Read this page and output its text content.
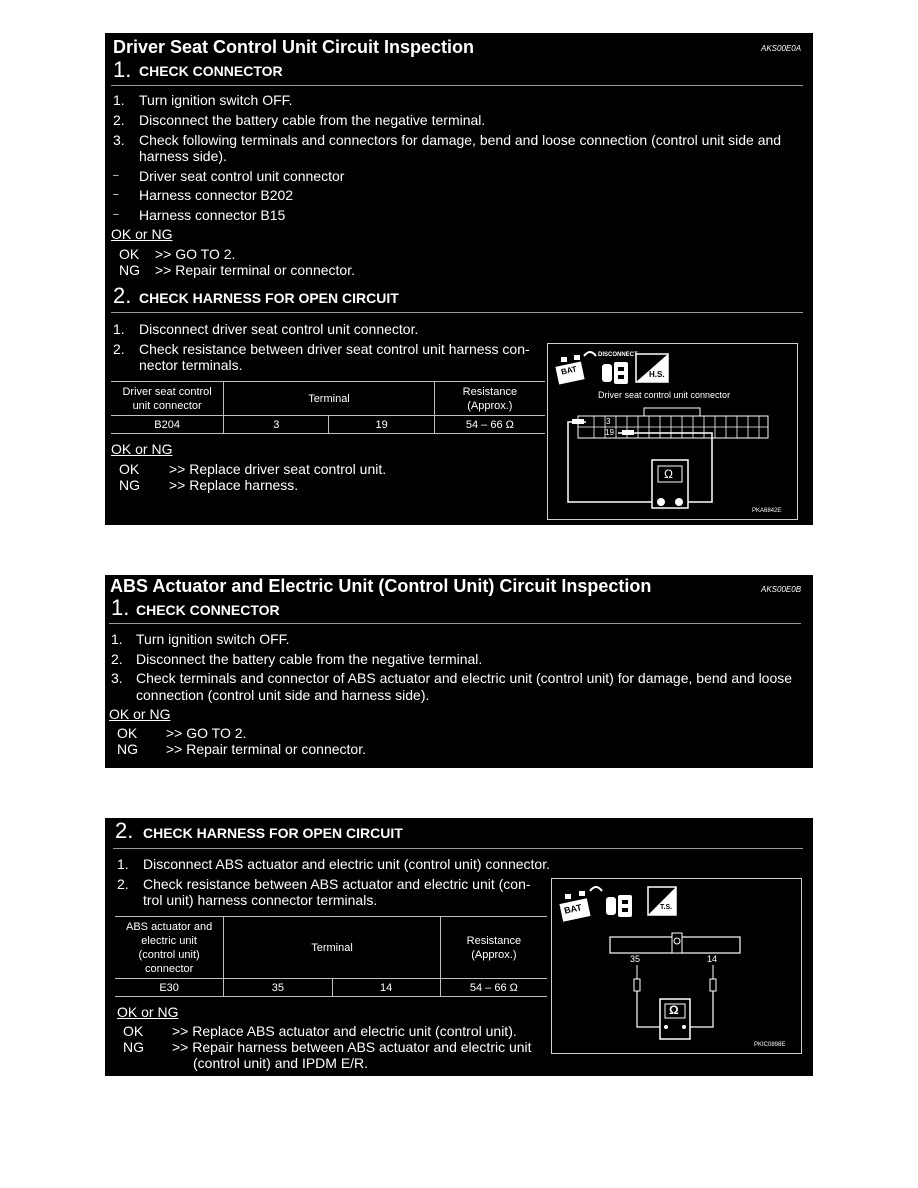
Driver Seat Control Unit Circuit Inspection	AKS00E0A
1. CHECK CONNECTOR
1. Turn ignition switch OFF.
2. Disconnect the battery cable from the negative terminal.
3. Check following terminals and connectors for damage, bend and loose connection (control unit side and
harness side).
– Driver seat control unit connector
– Harness connector B202
– Harness connector B15
OK or NG
OK >> GO TO 2.
NG >> Repair terminal or connector.
2. CHECK HARNESS FOR OPEN CIRCUIT
1. Disconnect driver seat control unit connector.
2. Check resistance between driver seat control unit harness con-
nector terminals.
Driver seat control
unit connector	Terminal		Resistance
(Approx.)
B204	3	19	54 – 66 Ω
OK or NG
OK >> Replace driver seat control unit.
NG >> Replace harness.
DISCONNECT
BAT	H.S.
Driver seat control unit connector
3
19
Ω
PKA6842E
ABS Actuator and Electric Unit (Control Unit) Circuit Inspection	AKS00E0B
1. CHECK CONNECTOR
1. Turn ignition switch OFF.
2. Disconnect the battery cable from the negative terminal.
3. Check terminals and connector of ABS actuator and electric unit (control unit) for damage, bend and loose
connection (control unit side and harness side).
OK or NG
OK >> GO TO 2.
NG >> Repair terminal or connector.
2. CHECK HARNESS FOR OPEN CIRCUIT
1. Disconnect ABS actuator and electric unit (control unit) connector.
2. Check resistance between ABS actuator and electric unit (con-
trol unit) harness connector terminals.
ABS actuator and
electric unit
(control unit)
connector	Terminal		Resistance
(Approx.)
E30	35	14	54 – 66 Ω
OK or NG
OK >> Replace ABS actuator and electric unit (control unit).
NG >> Repair harness between ABS actuator and electric unit
(control unit) and IPDM E/R.
BAT	T.S.
35	14
Ω
PKIC0898E
